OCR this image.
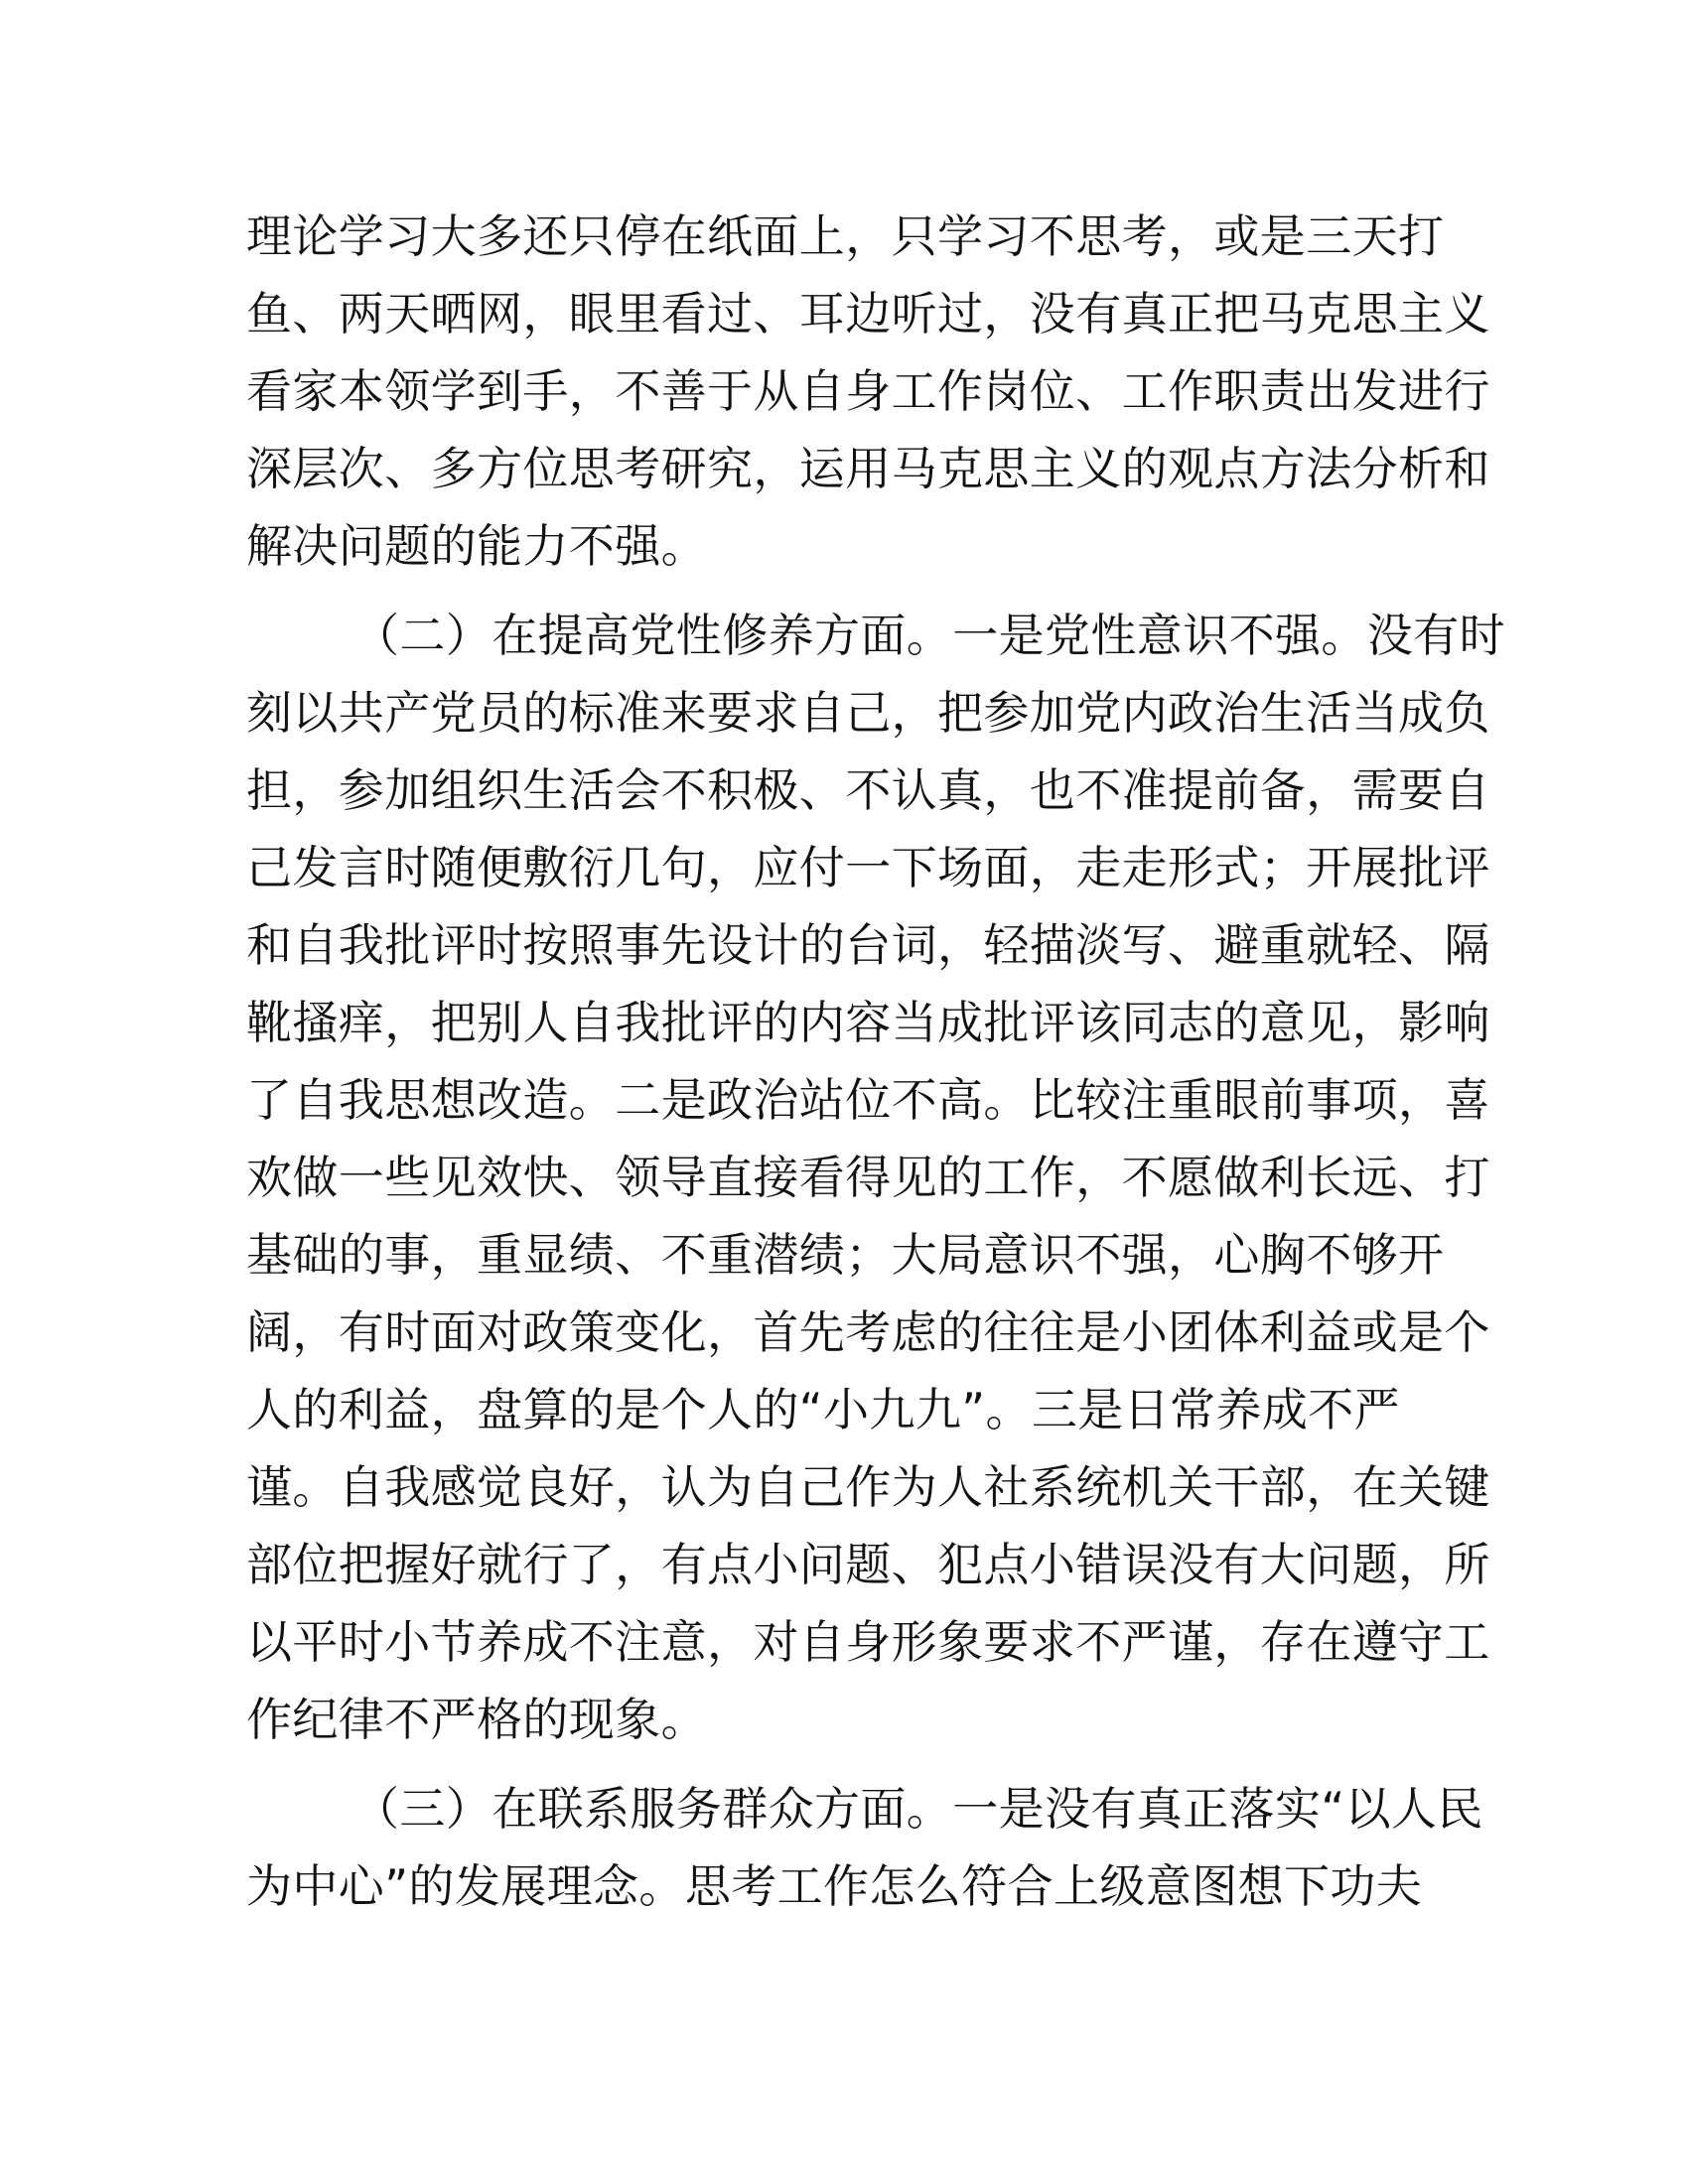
理论学习大多还只停在纸面上，只学习不思考，或是三天打
鱼、两天晒网，眼里看过、耳边听过，没有真正把马克思主义
看家本领学到手，不善于从自身工作岗位、工作职责出发进行
深层次、多方位思考研究，运用马克思主义的观点方法分析和
解决问题的能力不强。
（二）在提高党性修养方面。一是党性意识不强。没有时
刻以共产党员的标准来要求自己，把参加党内政治生活当成负
担，参加组织生活会不积极、不认真，也不准提前备，需要自
己发言时随便敷衍几句，应付一下场面，走走形式；开展批评
和自我批评时按照事先设计的台词，轻描淡写、避重就轻、隔
靴搔痒，把别人自我批评的内容当成批评该同志的意见，影响
了自我思想改造。二是政治站位不高。比较注重眼前事项，喜
欢做一些见效快、领导直接看得见的工作，不愿做利长远、打
基础的事，重显绩、不重潜绩；大局意识不强，心胸不够开
阔，有时面对政策变化，首先考虑的往往是小团体利益或是个
人的利益，盘算的是个人的“小九九”。三是日常养成不严
谨。自我感觉良好，认为自己作为人社系统机关干部，在关键
部位把握好就行了，有点小问题、犯点小错误没有大问题，所
以平时小节养成不注意，对自身形象要求不严谨，存在遵守工
作纪律不严格的现象。
（三）在联系服务群众方面。一是没有真正落实“以人民
为中心”的发展理念。思考工作怎么符合上级意图想下功夫
